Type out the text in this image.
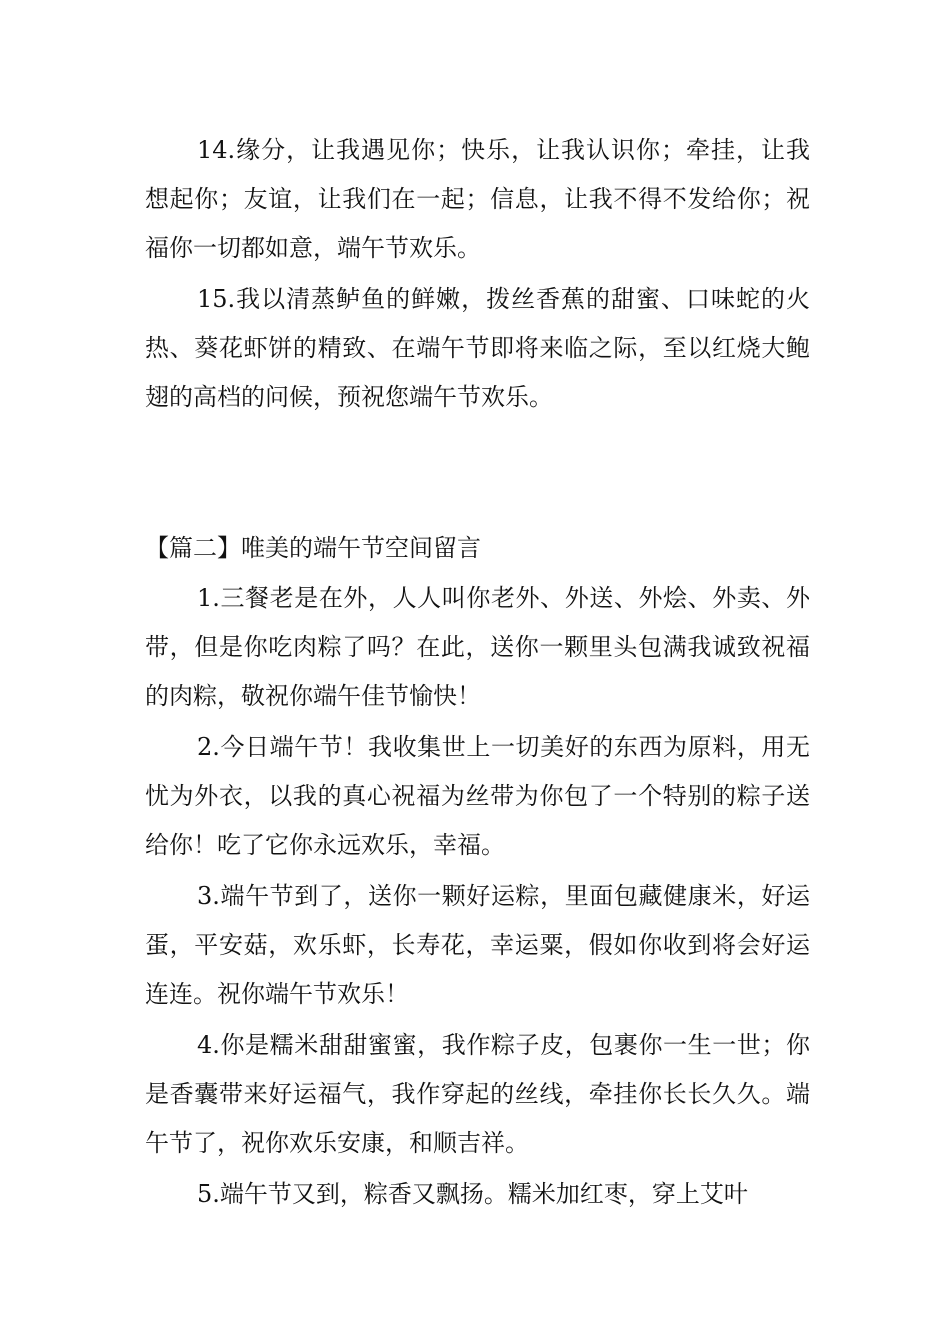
14.缘分，让我遇见你；快乐，让我认识你；牵挂，让我想起你；友谊，让我们在一起；信息，让我不得不发给你；祝福你一切都如意，端午节欢乐。

15.我以清蒸鲈鱼的鲜嫩，拨丝香蕉的甜蜜、口味蛇的火热、葵花虾饼的精致、在端午节即将来临之际，至以红烧大鲍翅的高档的问候，预祝您端午节欢乐。

【篇二】唯美的端午节空间留言

1.三餐老是在外，人人叫你老外、外送、外烩、外卖、外带，但是你吃肉粽了吗？在此，送你一颗里头包满我诚致祝福的肉粽，敬祝你端午佳节愉快！

2.今日端午节！我收集世上一切美好的东西为原料，用无忧为外衣，以我的真心祝福为丝带为你包了一个特别的粽子送给你！吃了它你永远欢乐，幸福。

3.端午节到了，送你一颗好运粽，里面包藏健康米，好运蛋，平安菇，欢乐虾，长寿花，幸运粟，假如你收到将会好运连连。祝你端午节欢乐！

4.你是糯米甜甜蜜蜜，我作粽子皮，包裹你一生一世；你是香囊带来好运福气，我作穿起的丝线，牵挂你长长久久。端午节了，祝你欢乐安康，和顺吉祥。

5.端午节又到，粽香又飘扬。糯米加红枣，穿上艾叶
